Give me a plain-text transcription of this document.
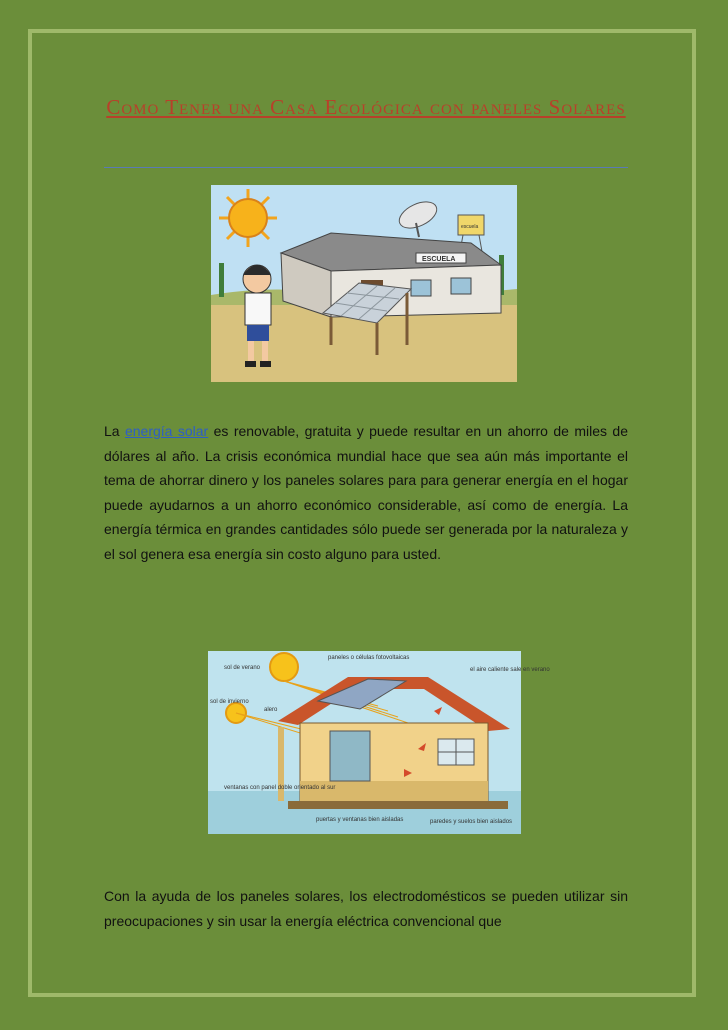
Como Tener una Casa Ecológica con paneles Solares
escuela
ESCUELA

La energía solar es renovable, gratuita y puede resultar en un ahorro de miles de dólares al año. La crisis económica mundial hace que sea aún más importante el tema de ahorrar dinero y los paneles solares para para generar energía en el hogar puede ayudarnos a un ahorro económico considerable, así como de energía. La energía térmica en grandes cantidades sólo puede ser generada por la naturaleza y el sol genera esa energía sin costo alguno para usted.

sol de verano
sol de invierno
alero
paneles o células fotovoltaicas
el aire caliente sale en verano
ventanas con panel doble orientado al sur
puertas y ventanas bien aisladas	paredes y suelos bien aislados

Con la ayuda de los paneles solares, los electrodomésticos se pueden utilizar sin preocupaciones y sin usar la energía eléctrica convencional que
